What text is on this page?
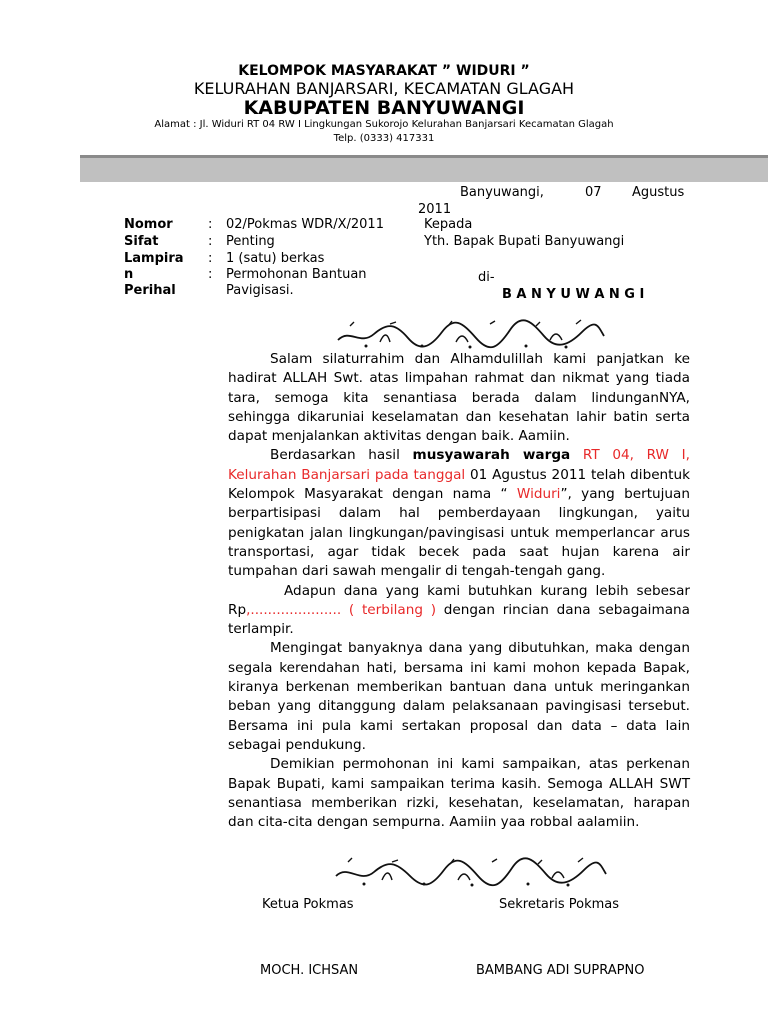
KELOMPOK MASYARAKAT ” WIDURI ”
KELURAHAN BANJARSARI, KECAMATAN GLAGAH
KABUPATEN BANYUWANGI
Alamat : Jl. Widuri RT 04 RW I Lingkungan Sukorojo Kelurahan Banjarsari Kecamatan Glagah
Telp. (0333) 417331
Banyuwangi,	07 Agustus
2011
Nomor	: 02/Pokmas WDR/X/2011
Sifat	: Penting
Lampira : 1 (satu) berkas
n	: Permohonan Bantuan
Perihal	Pavigisasi.
Kepada
Yth. Bapak Bupati Banyuwangi
di-
B A N Y U W A N G I

Salam silaturrahim dan Alhamdulillah kami panjatkan ke hadirat ALLAH Swt. atas limpahan rahmat dan nikmat yang tiada tara, semoga kita senantiasa berada dalam lindunganNYA, sehingga dikaruniai keselamatan dan kesehatan lahir batin serta dapat menjalankan aktivitas dengan baik. Aamiin.

Berdasarkan hasil musyawarah warga RT 04, RW I, Kelurahan Banjarsari pada tanggal 01 Agustus 2011 telah dibentuk Kelompok Masyarakat dengan nama “ Widuri”, yang bertujuan berpartisipasi dalam hal pemberdayaan lingkungan, yaitu penigkatan jalan lingkungan/pavingisasi untuk memperlancar arus transportasi, agar tidak becek pada saat hujan karena air tumpahan dari sawah mengalir di tengah-tengah gang.

Adapun dana yang kami butuhkan kurang lebih sebesar Rp,..................... ( terbilang ) dengan rincian dana sebagaimana terlampir.

Mengingat banyaknya dana yang dibutuhkan, maka dengan segala kerendahan hati, bersama ini kami mohon kepada Bapak, kiranya berkenan memberikan bantuan dana untuk meringankan beban yang ditanggung dalam pelaksanaan pavingisasi tersebut. Bersama ini pula kami sertakan proposal dan data – data lain sebagai pendukung.

Demikian permohonan ini kami sampaikan, atas perkenan Bapak Bupati, kami sampaikan terima kasih. Semoga ALLAH SWT senantiasa memberikan rizki, kesehatan, keselamatan, harapan dan cita-cita dengan sempurna. Aamiin yaa robbal aalamiin.

Ketua Pokmas	Sekretaris Pokmas
MOCH. ICHSAN	BAMBANG ADI SUPRAPNO
